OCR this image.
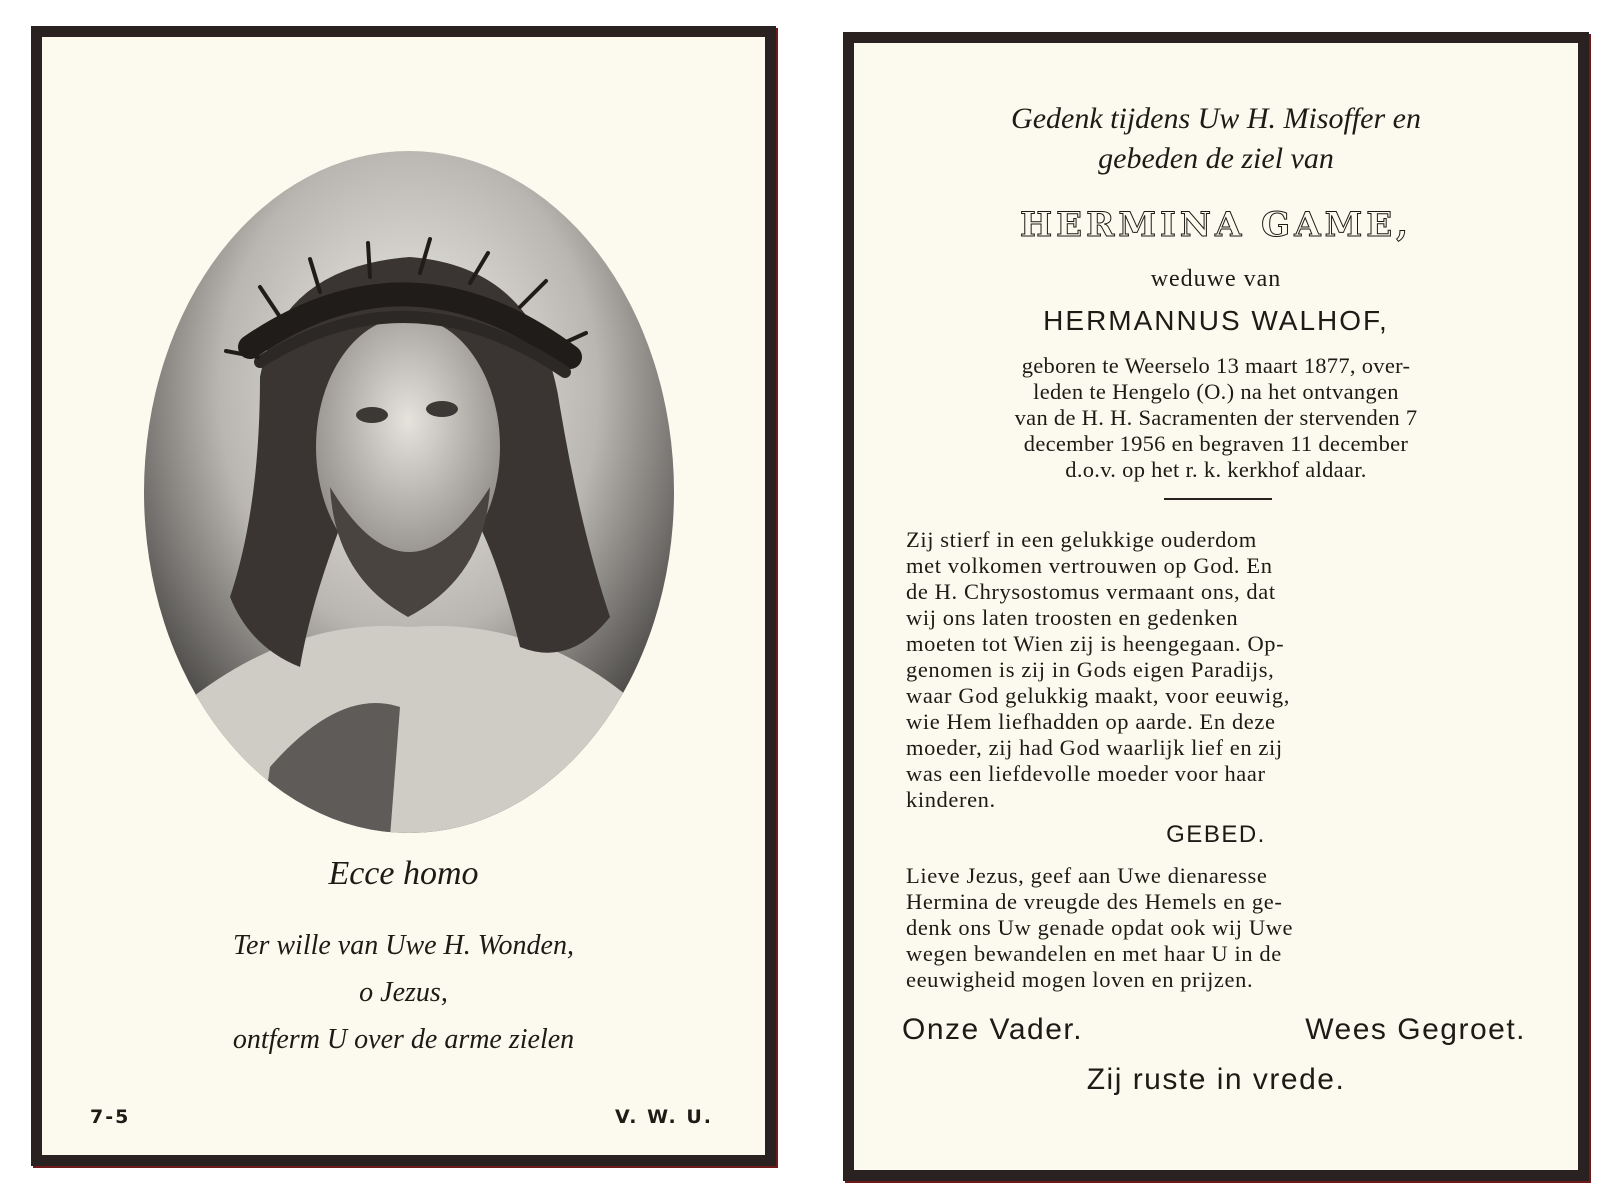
Ecce homo
Ter wille van Uwe H. Wonden,
o Jezus,
ontferm U over de arme zielen
7-5	V. W. U.
Gedenk tijdens Uw H. Misoffer en
gebeden de ziel van
HERMINA GAME,
weduwe van
HERMANNUS WALHOF,
geboren te Weerselo 13 maart 1877, over-
leden te Hengelo (O.) na het ontvangen
van de H. H. Sacramenten der stervenden 7
december 1956 en begraven 11 december
d.o.v. op het r. k. kerkhof aldaar.
Zij stierf in een gelukkige ouderdom
met volkomen vertrouwen op God. En
de H. Chrysostomus vermaant ons, dat
wij ons laten troosten en gedenken
moeten tot Wien zij is heengegaan. Op-
genomen is zij in Gods eigen Paradijs,
waar God gelukkig maakt, voor eeuwig,
wie Hem liefhadden op aarde. En deze
moeder, zij had God waarlijk lief en zij
was een liefdevolle moeder voor haar
kinderen.
GEBED.
Lieve Jezus, geef aan Uwe dienaresse
Hermina de vreugde des Hemels en ge-
denk ons Uw genade opdat ook wij Uwe
wegen bewandelen en met haar U in de
eeuwigheid mogen loven en prijzen.
Onze Vader.	Wees Gegroet.
Zij ruste in vrede.
